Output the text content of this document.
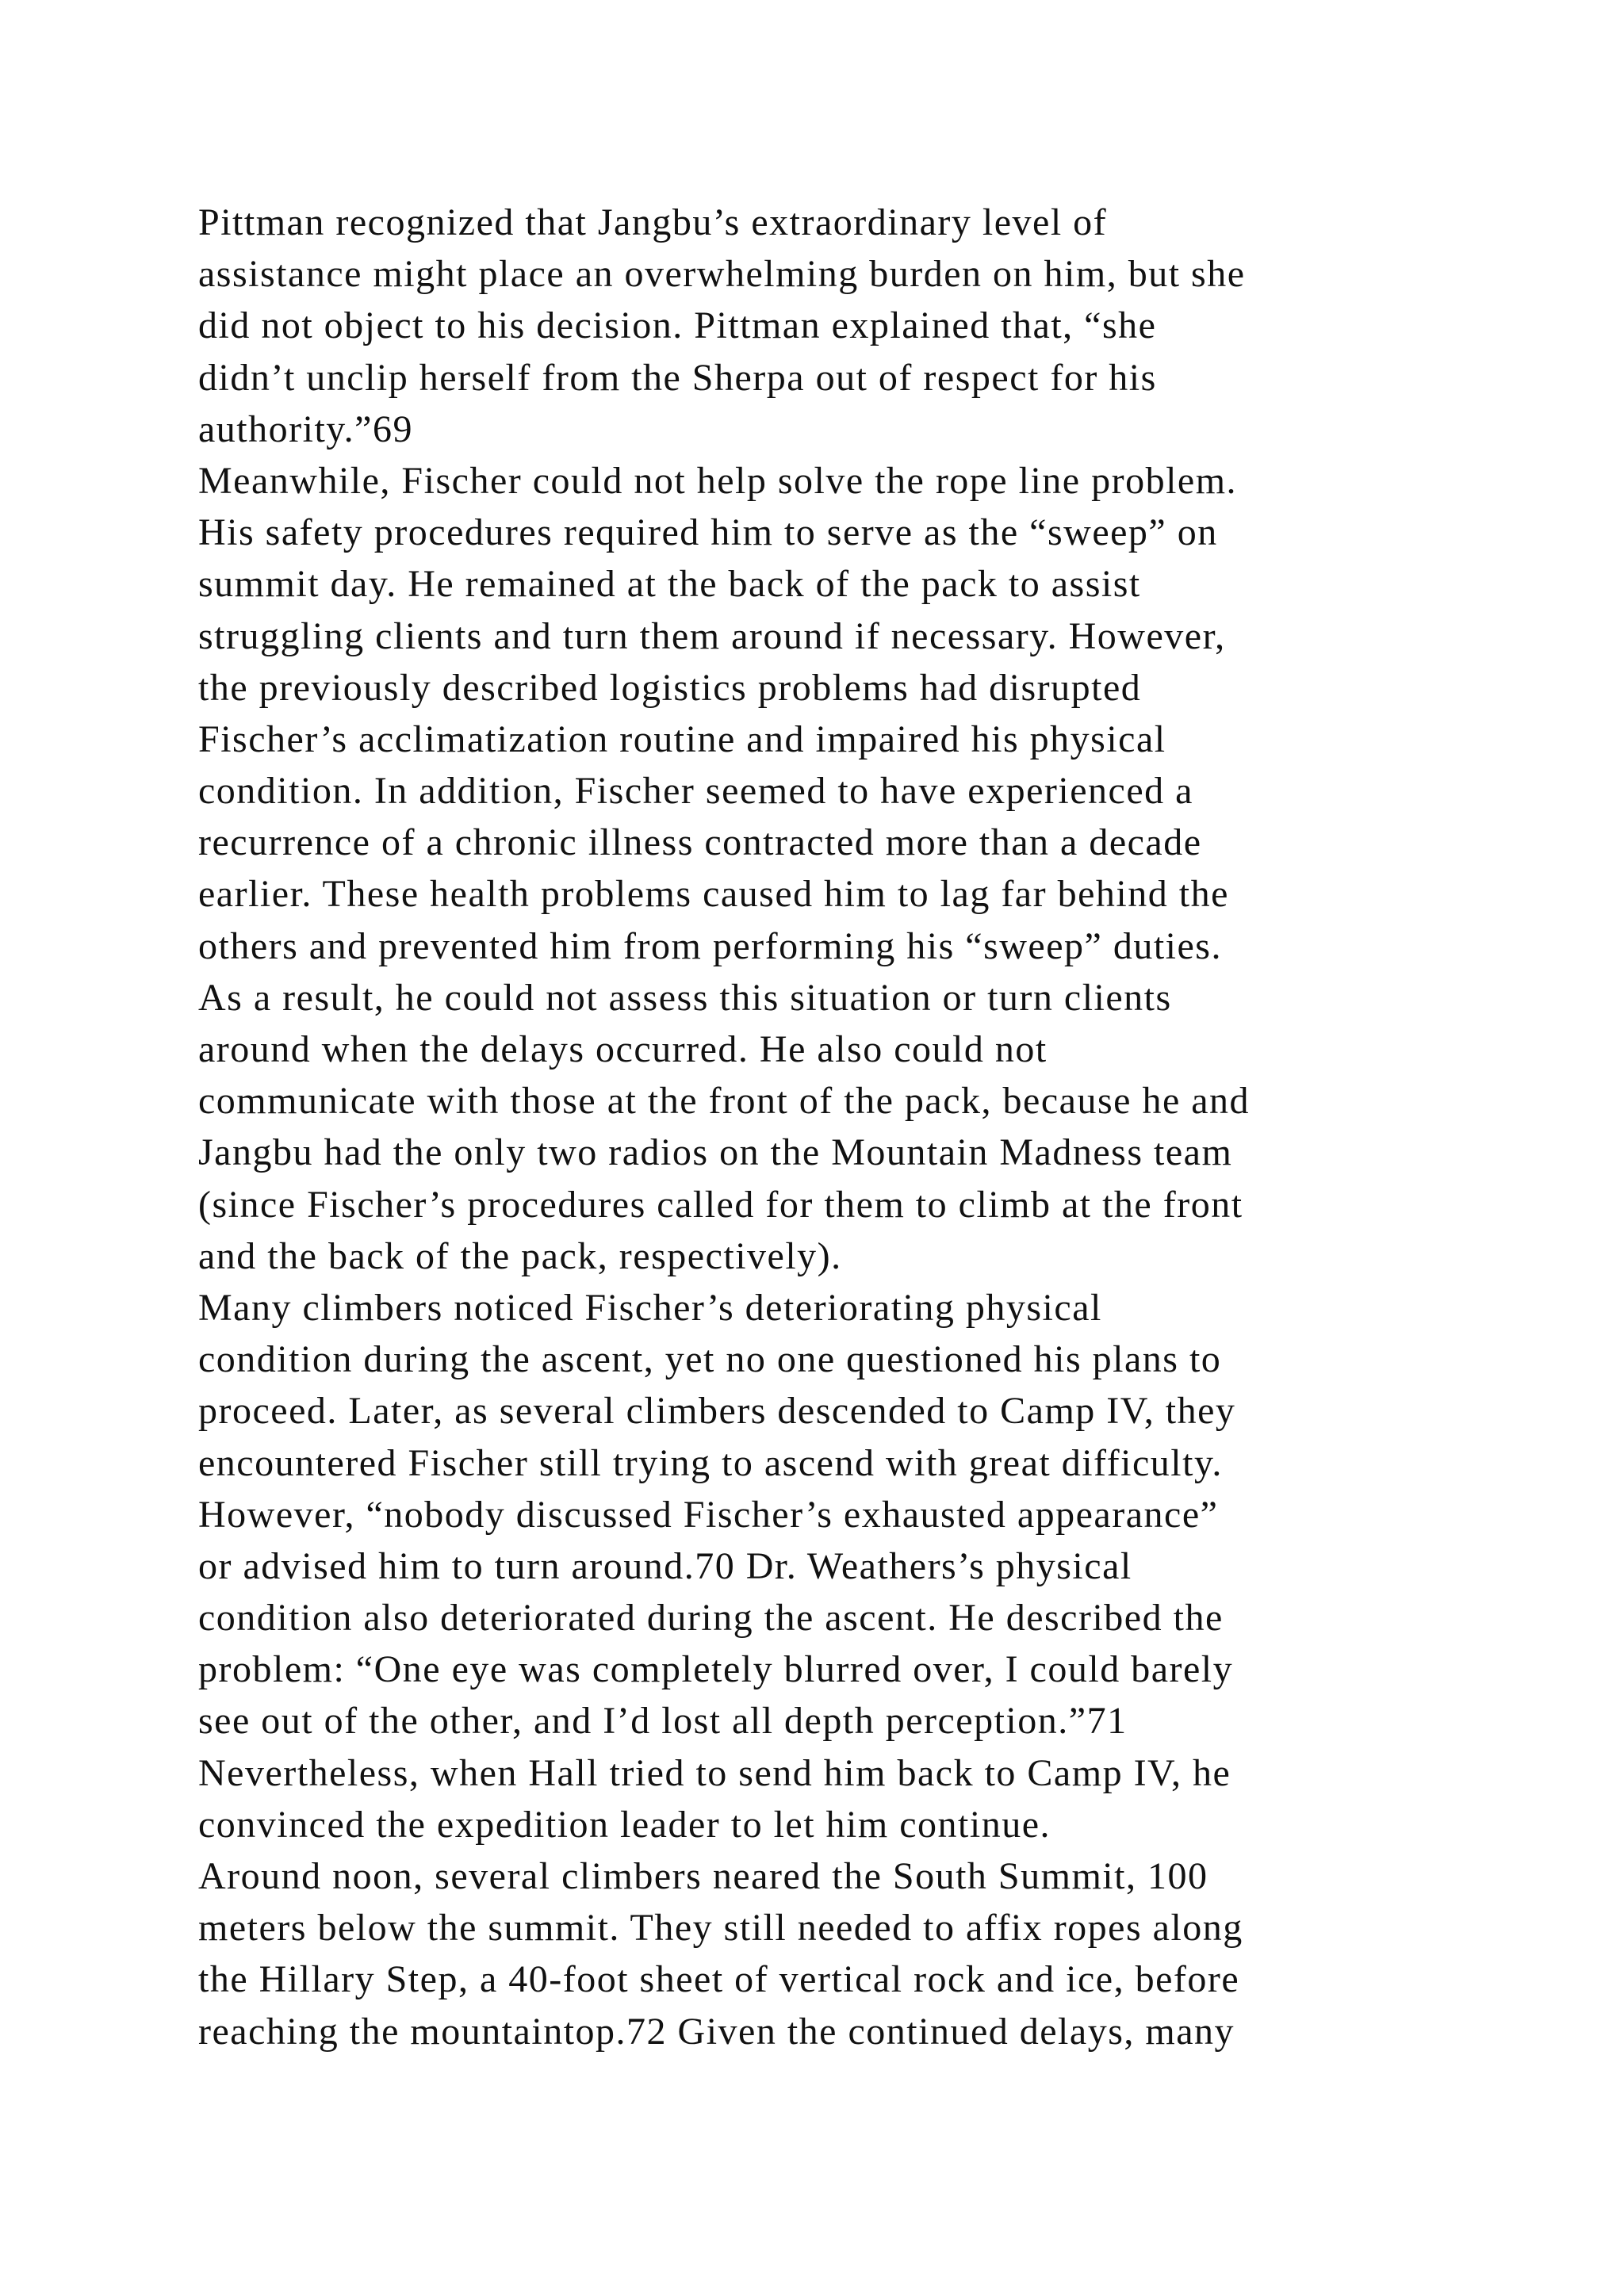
Pittman recognized that Jangbu’s extraordinary level of
assistance might place an overwhelming burden on him, but she
did not object to his decision. Pittman explained that, “she
didn’t unclip herself from the Sherpa out of respect for his
authority.”69
Meanwhile, Fischer could not help solve the rope line problem.
His safety procedures required him to serve as the “sweep” on
summit day. He remained at the back of the pack to assist
struggling clients and turn them around if necessary. However,
the previously described logistics problems had disrupted
Fischer’s acclimatization routine and impaired his physical
condition. In addition, Fischer seemed to have experienced a
recurrence of a chronic illness contracted more than a decade
earlier. These health problems caused him to lag far behind the
others and prevented him from performing his “sweep” duties.
As a result, he could not assess this situation or turn clients
around when the delays occurred. He also could not
communicate with those at the front of the pack, because he and
Jangbu had the only two radios on the Mountain Madness team
(since Fischer’s procedures called for them to climb at the front
and the back of the pack, respectively).
Many climbers noticed Fischer’s deteriorating physical
condition during the ascent, yet no one questioned his plans to
proceed. Later, as several climbers descended to Camp IV, they
encountered Fischer still trying to ascend with great difficulty.
However, “nobody discussed Fischer’s exhausted appearance”
or advised him to turn around.70 Dr. Weathers’s physical
condition also deteriorated during the ascent. He described the
problem: “One eye was completely blurred over, I could barely
see out of the other, and I’d lost all depth perception.”71
Nevertheless, when Hall tried to send him back to Camp IV, he
convinced the expedition leader to let him continue.
Around noon, several climbers neared the South Summit, 100
meters below the summit. They still needed to affix ropes along
the Hillary Step, a 40-foot sheet of vertical rock and ice, before
reaching the mountaintop.72 Given the continued delays, many
